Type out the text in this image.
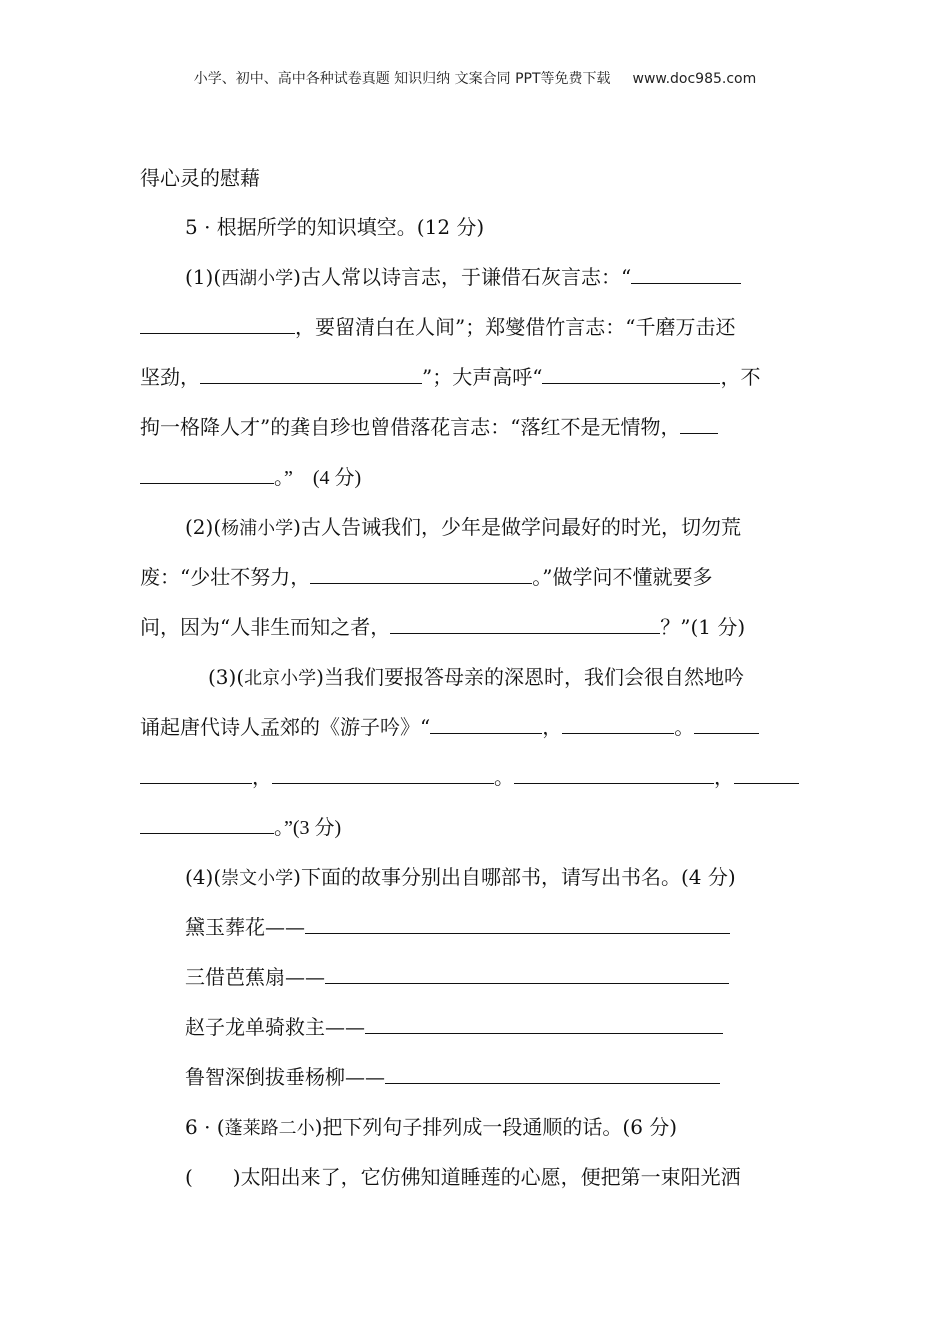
小学、初中、高中各种试卷真题 知识归纳 文案合同 PPT等免费下载 www.doc985.com
得心灵的慰藉
5 · 根据所学的知识填空。(12 分)
(1)(西湖小学)古人常以诗言志，于谦借石灰言志：“
，要留清白在人间”；郑燮借竹言志：“千磨万击还
坚劲，	”；大声高呼“	，不
拘一格降人才”的龚自珍也曾借落花言志：“落红不是无情物，
。”　(4 分)
(2)(杨浦小学)古人告诫我们，少年是做学问最好的时光，切勿荒
废：“少壮不努力，	。”做学问不懂就要多
问，因为“人非生而知之者，	？”(1 分)
(3)(北京小学)当我们要报答母亲的深恩时，我们会很自然地吟
诵起唐代诗人孟郊的《游子吟》“	，	。
，	。	，
。”(3 分)
(4)(崇文小学)下面的故事分别出自哪部书，请写出书名。(4 分)
黛玉葬花——
三借芭蕉扇——
赵子龙单骑救主——
鲁智深倒拔垂杨柳——
6 · (蓬莱路二小)把下列句子排列成一段通顺的话。(6 分)
(　　)太阳出来了，它仿佛知道睡莲的心愿，便把第一束阳光洒
